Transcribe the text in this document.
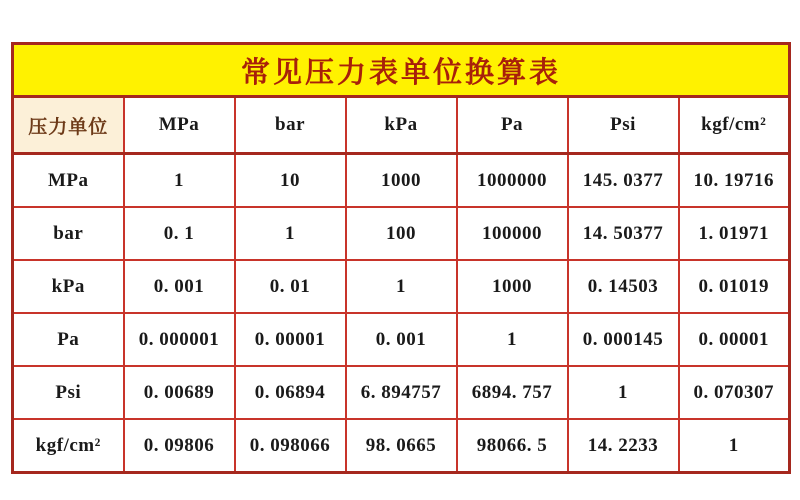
常见压力表单位换算表						
压力单位	MPa	bar	kPa	Pa	Psi	kgf/cm²
MPa	1	10	1000	1000000	145. 0377	10. 19716
bar	0. 1	1	100	100000	14. 50377	1. 01971
kPa	0. 001	0. 01	1	1000	0. 14503	0. 01019
Pa	0. 000001	0. 00001	0. 001	1	0. 000145	0. 00001
Psi	0. 00689	0. 06894	6. 894757	6894. 757	1	0. 070307
kgf/cm²	0. 09806	0. 098066	98. 0665	98066. 5	14. 2233	1
